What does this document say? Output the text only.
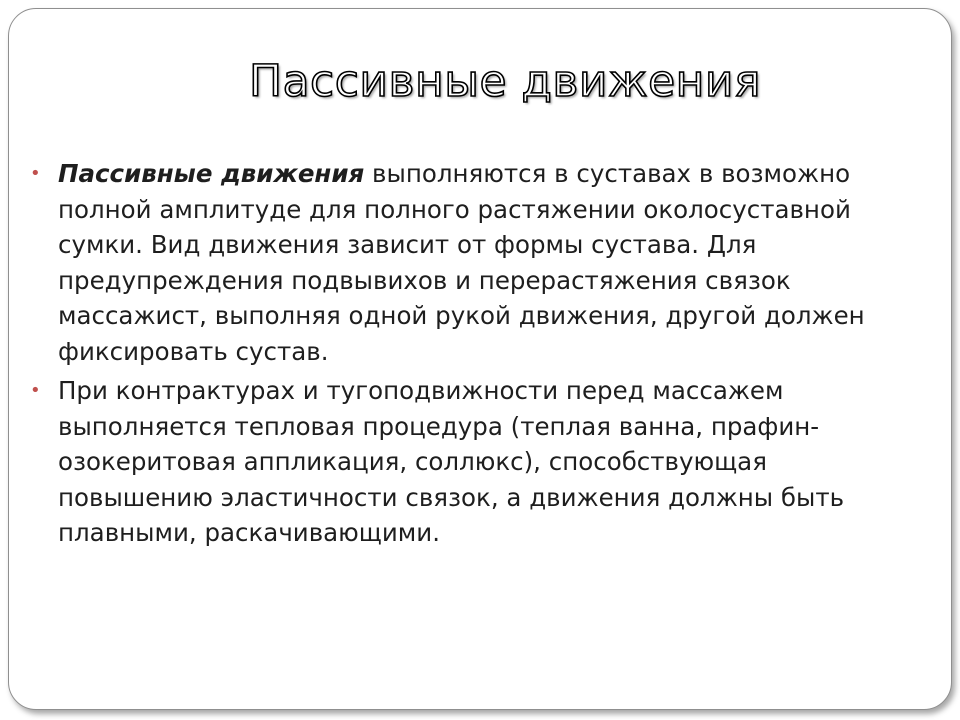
Пассивные движения

• Пассивные движения выполняются в суставах в возможно полной амплитуде для полного растяжении околосуставной сумки. Вид движения зависит от формы сустава. Для предупреждения подвывихов и перерастяжения связок массажист, выполняя одной рукой движения, другой должен фиксировать сустав.

• При контрактурах и тугоподвижности перед массажем выполняется тепловая процедура (теплая ванна, прафин-озокеритовая аппликация, соллюкс), способствующая повышению эластичности связок, а движения должны быть плавными, раскачивающими.
